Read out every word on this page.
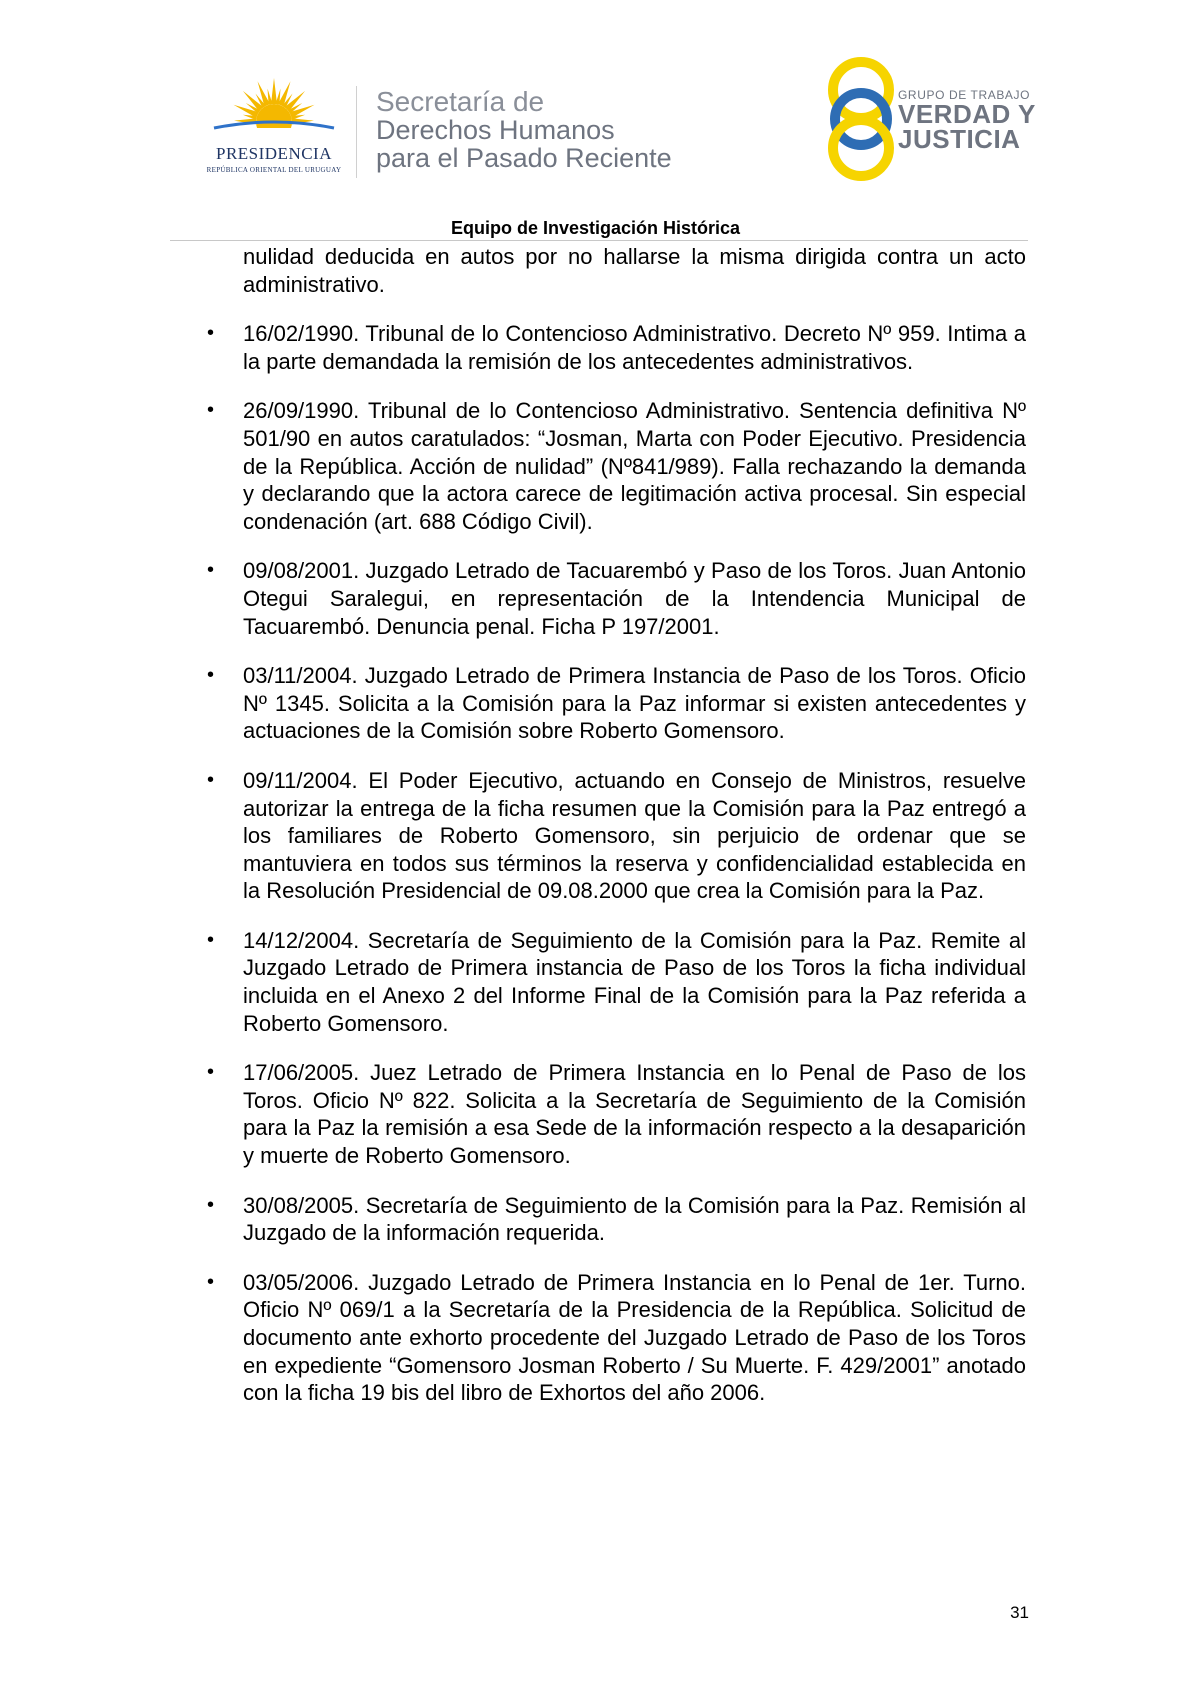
PRESIDENCIA
REPÚBLICA ORIENTAL DEL URUGUAY
Secretaría de
Derechos Humanos
para el Pasado Reciente
GRUPO DE TRABAJO
VERDAD Y
JUSTICIA
Equipo de Investigación Histórica

nulidad deducida en autos por no hallarse la misma dirigida contra un acto administrativo.

• 16/02/1990. Tribunal de lo Contencioso Administrativo. Decreto Nº 959. Intima a la parte demandada la remisión de los antecedentes administrativos.
• 26/09/1990. Tribunal de lo Contencioso Administrativo. Sentencia definitiva Nº 501/90 en autos caratulados: “Josman, Marta con Poder Ejecutivo. Presidencia de la República. Acción de nulidad” (Nº841/989). Falla rechazando la demanda y declarando que la actora carece de legitimación activa procesal. Sin especial condenación (art. 688 Código Civil).
• 09/08/2001. Juzgado Letrado de Tacuarembó y Paso de los Toros. Juan Antonio Otegui Saralegui, en representación de la Intendencia Municipal de Tacuarembó. Denuncia penal. Ficha P 197/2001.
• 03/11/2004. Juzgado Letrado de Primera Instancia de Paso de los Toros. Oficio Nº 1345. Solicita a la Comisión para la Paz informar si existen antecedentes y actuaciones de la Comisión sobre Roberto Gomensoro.
• 09/11/2004. El Poder Ejecutivo, actuando en Consejo de Ministros, resuelve autorizar la entrega de la ficha resumen que la Comisión para la Paz entregó a los familiares de Roberto Gomensoro, sin perjuicio de ordenar que se mantuviera en todos sus términos la reserva y confidencialidad establecida en la Resolución Presidencial de 09.08.2000 que crea la Comisión para la Paz.
• 14/12/2004. Secretaría de Seguimiento de la Comisión para la Paz. Remite al Juzgado Letrado de Primera instancia de Paso de los Toros la ficha individual incluida en el Anexo 2 del Informe Final de la Comisión para la Paz referida a Roberto Gomensoro.
• 17/06/2005. Juez Letrado de Primera Instancia en lo Penal de Paso de los Toros. Oficio Nº 822. Solicita a la Secretaría de Seguimiento de la Comisión para la Paz la remisión a esa Sede de la información respecto a la desaparición y muerte de Roberto Gomensoro.
• 30/08/2005. Secretaría de Seguimiento de la Comisión para la Paz. Remisión al Juzgado de la información requerida.
• 03/05/2006. Juzgado Letrado de Primera Instancia en lo Penal de 1er. Turno. Oficio Nº 069/1 a la Secretaría de la Presidencia de la República. Solicitud de documento ante exhorto procedente del Juzgado Letrado de Paso de los Toros en expediente “Gomensoro Josman Roberto / Su Muerte. F. 429/2001” anotado con la ficha 19 bis del libro de Exhortos del año 2006.
31
